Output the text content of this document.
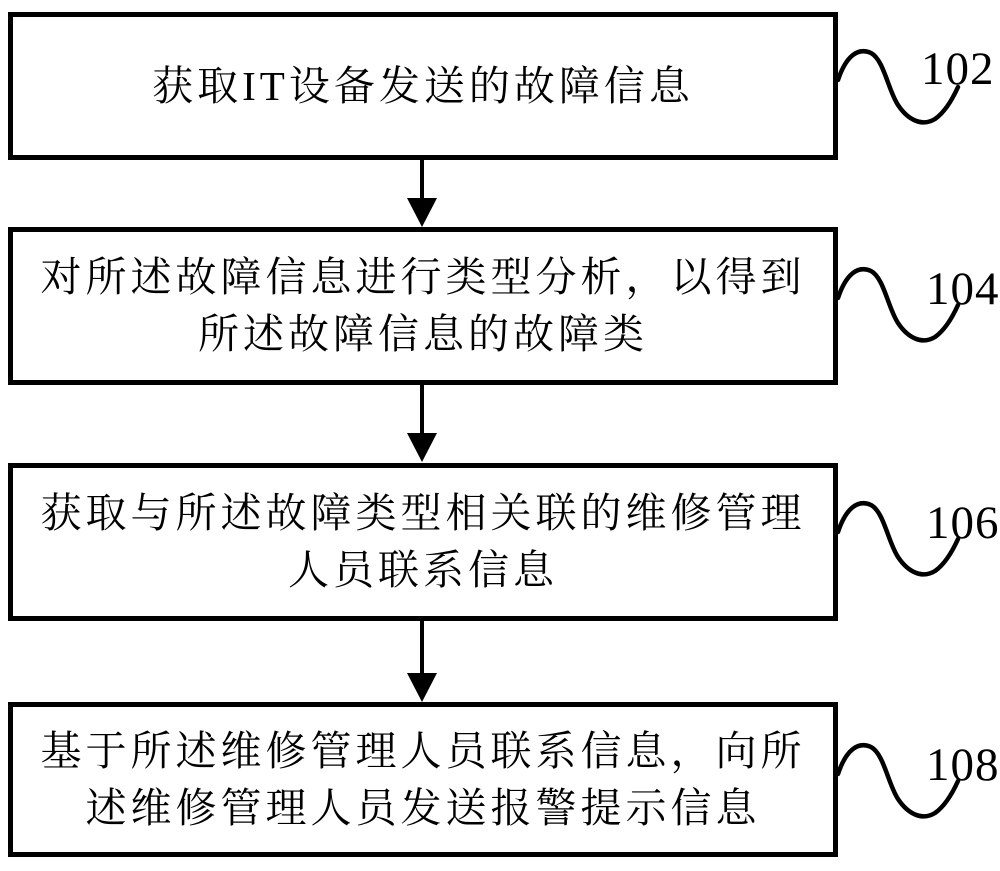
获取IT设备发送的故障信息
对所述故障信息进行类型分析，以得到
所述故障信息的故障类
获取与所述故障类型相关联的维修管理
人员联系信息
基于所述维修管理人员联系信息，向所
述维修管理人员发送报警提示信息
102
104
106
108
